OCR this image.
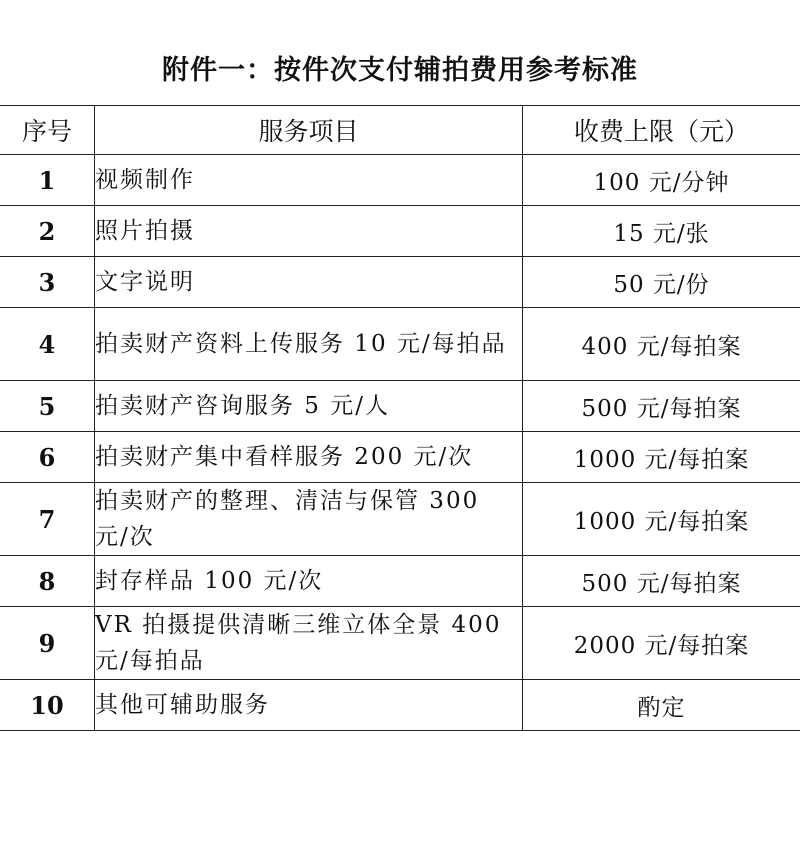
附件一：按件次支付辅拍费用参考标准
序号	服务项目	收费上限（元）
1	视频制作	100 元/分钟
2	照片拍摄	15 元/张
3	文字说明	50 元/份
4	拍卖财产资料上传服务 10 元/每拍品	400 元/每拍案
5	拍卖财产咨询服务 5 元/人	500 元/每拍案
6	拍卖财产集中看样服务 200 元/次	1000 元/每拍案
7	拍卖财产的整理、清洁与保管 300 元/次	1000 元/每拍案
8	封存样品 100 元/次	500 元/每拍案
9	VR 拍摄提供清晰三维立体全景 400 元/每拍品	2000 元/每拍案
10	其他可辅助服务	酌定
